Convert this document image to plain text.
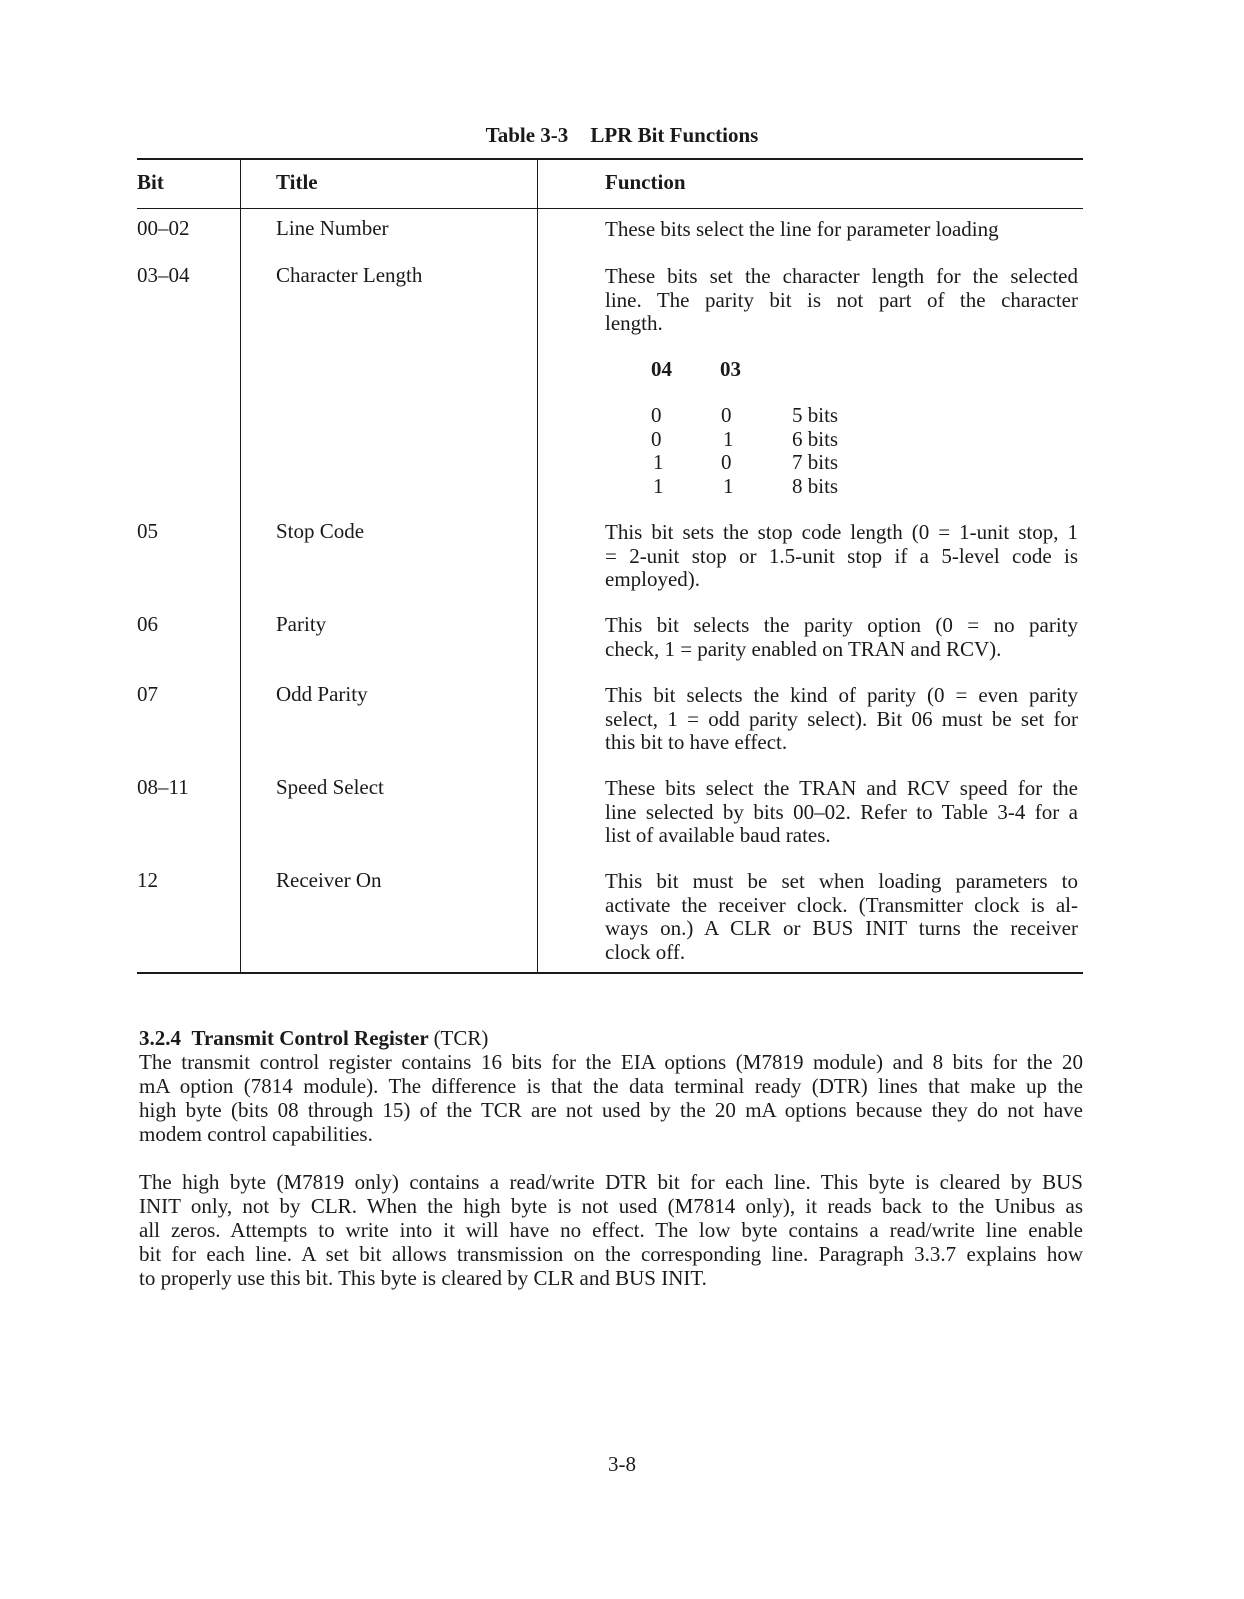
Table 3-3 LPR Bit Functions
Bit	Title	Function
00–02	Line Number	These bits select the line for parameter loading
03–04	Character Length	These bits set the character length for the selected
line. The parity bit is not part of the character
length.
04 03
0	0	5 bits
0	1	6 bits
1	0	7 bits
1	1	8 bits
05	Stop Code	This bit sets the stop code length (0 = 1-unit stop, 1
= 2-unit stop or 1.5-unit stop if a 5-level code is
employed).
06	Parity	This bit selects the parity option (0 = no parity
check, 1 = parity enabled on TRAN and RCV).
07	Odd Parity	This bit selects the kind of parity (0 = even parity
select, 1 = odd parity select). Bit 06 must be set for
this bit to have effect.
08–11	Speed Select	These bits select the TRAN and RCV speed for the
line selected by bits 00–02. Refer to Table 3-4 for a
list of available baud rates.
12	Receiver On	This bit must be set when loading parameters to
activate the receiver clock. (Transmitter clock is al-
ways on.) A CLR or BUS INIT turns the receiver
clock off.
3.2.4 Transmit Control Register (TCR)
The transmit control register contains 16 bits for the EIA options (M7819 module) and 8 bits for the 20
mA option (7814 module). The difference is that the data terminal ready (DTR) lines that make up the
high byte (bits 08 through 15) of the TCR are not used by the 20 mA options because they do not have
modem control capabilities.
The high byte (M7819 only) contains a read/write DTR bit for each line. This byte is cleared by BUS
INIT only, not by CLR. When the high byte is not used (M7814 only), it reads back to the Unibus as
all zeros. Attempts to write into it will have no effect. The low byte contains a read/write line enable
bit for each line. A set bit allows transmission on the corresponding line. Paragraph 3.3.7 explains how
to properly use this bit. This byte is cleared by CLR and BUS INIT.
3-8
